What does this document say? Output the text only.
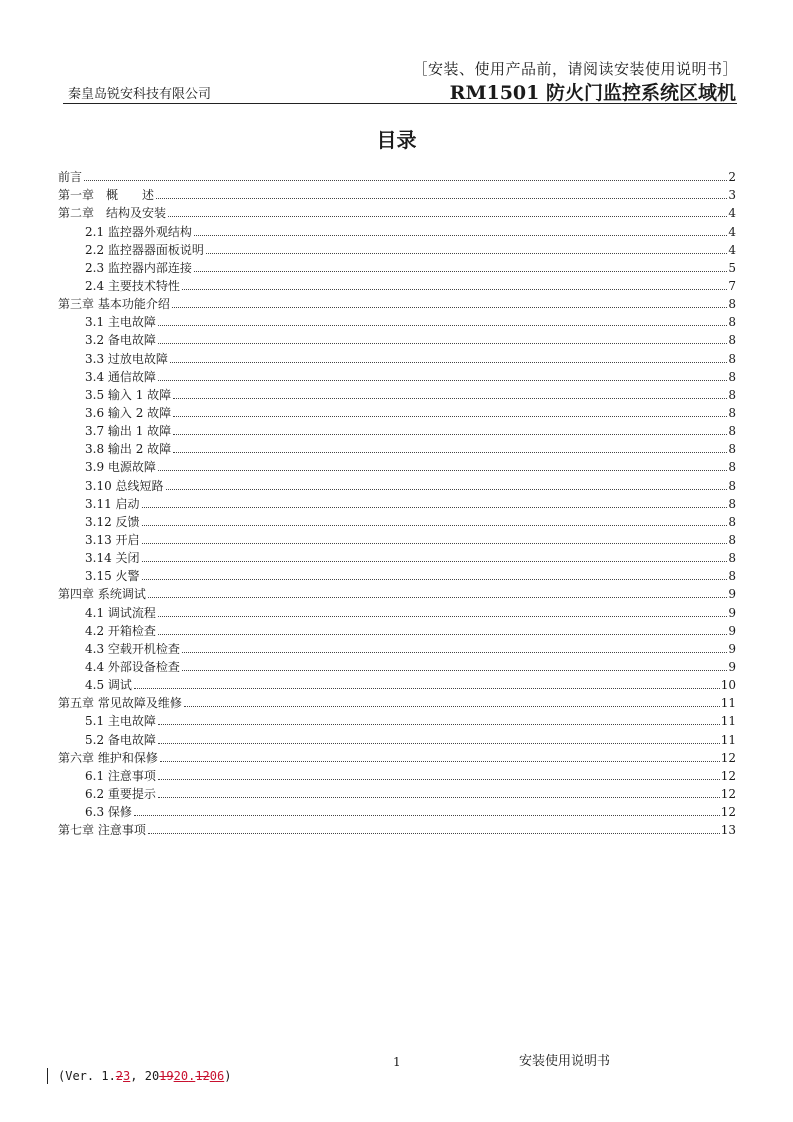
［安装、使用产品前，请阅读安装使用说明书］
秦皇岛锐安科技有限公司	RM1501 防火门监控系统区域机
目录
前言	2
第一章　概　　述	3
第二章　结构及安装	4
2.1 监控器外观结构	4
2.2 监控器器面板说明	4
2.3 监控器内部连接	5
2.4 主要技术特性	7
第三章 基本功能介绍	8
3.1 主电故障	8
3.2 备电故障	8
3.3 过放电故障	8
3.4 通信故障	8
3.5 输入 1 故障	8
3.6 输入 2 故障	8
3.7 输出 1 故障	8
3.8 输出 2 故障	8
3.9 电源故障	8
3.10 总线短路	8
3.11 启动	8
3.12 反馈	8
3.13 开启	8
3.14 关闭	8
3.15 火警	8
第四章 系统调试	9
4.1 调试流程	9
4.2 开箱检查	9
4.3 空载开机检查	9
4.4 外部设备检查	9
4.5 调试	10
第五章 常见故障及维修	11
5.1 主电故障	11
5.2 备电故障	11
第六章 维护和保修	12
6.1 注意事项	12
6.2 重要提示	12
6.3 保修	12
第七章 注意事项	13
1	安装使用说明书
(Ver. 1.23, 201920.1206)
